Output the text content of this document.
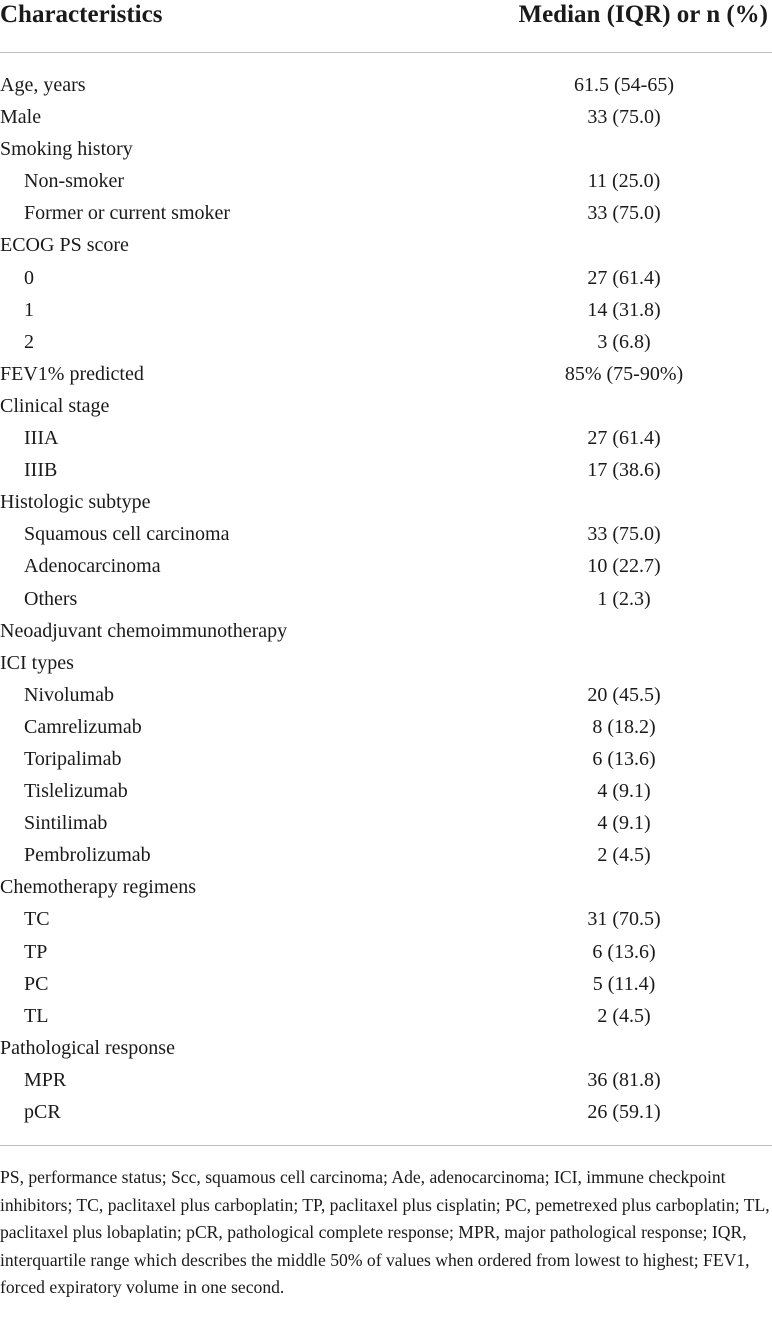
Characteristics	Median (IQR) or n (%)
Age, years	61.5 (54-65)
Male	33 (75.0)
Smoking history
Non-smoker	11 (25.0)
Former or current smoker	33 (75.0)
ECOG PS score
0	27 (61.4)
1	14 (31.8)
2	3 (6.8)
FEV1% predicted	85% (75-90%)
Clinical stage
IIIA	27 (61.4)
IIIB	17 (38.6)
Histologic subtype
Squamous cell carcinoma	33 (75.0)
Adenocarcinoma	10 (22.7)
Others	1 (2.3)
Neoadjuvant chemoimmunotherapy
ICI types
Nivolumab	20 (45.5)
Camrelizumab	8 (18.2)
Toripalimab	6 (13.6)
Tislelizumab	4 (9.1)
Sintilimab	4 (9.1)
Pembrolizumab	2 (4.5)
Chemotherapy regimens
TC	31 (70.5)
TP	6 (13.6)
PC	5 (11.4)
TL	2 (4.5)
Pathological response
MPR	36 (81.8)
pCR	26 (59.1)
PS, performance status; Scc, squamous cell carcinoma; Ade, adenocarcinoma; ICI, immune checkpoint inhibitors; TC, paclitaxel plus carboplatin; TP, paclitaxel plus cisplatin; PC, pemetrexed plus carboplatin; TL, paclitaxel plus lobaplatin; pCR, pathological complete response; MPR, major pathological response; IQR, interquartile range which describes the middle 50% of values when ordered from lowest to highest; FEV1, forced expiratory volume in one second.
